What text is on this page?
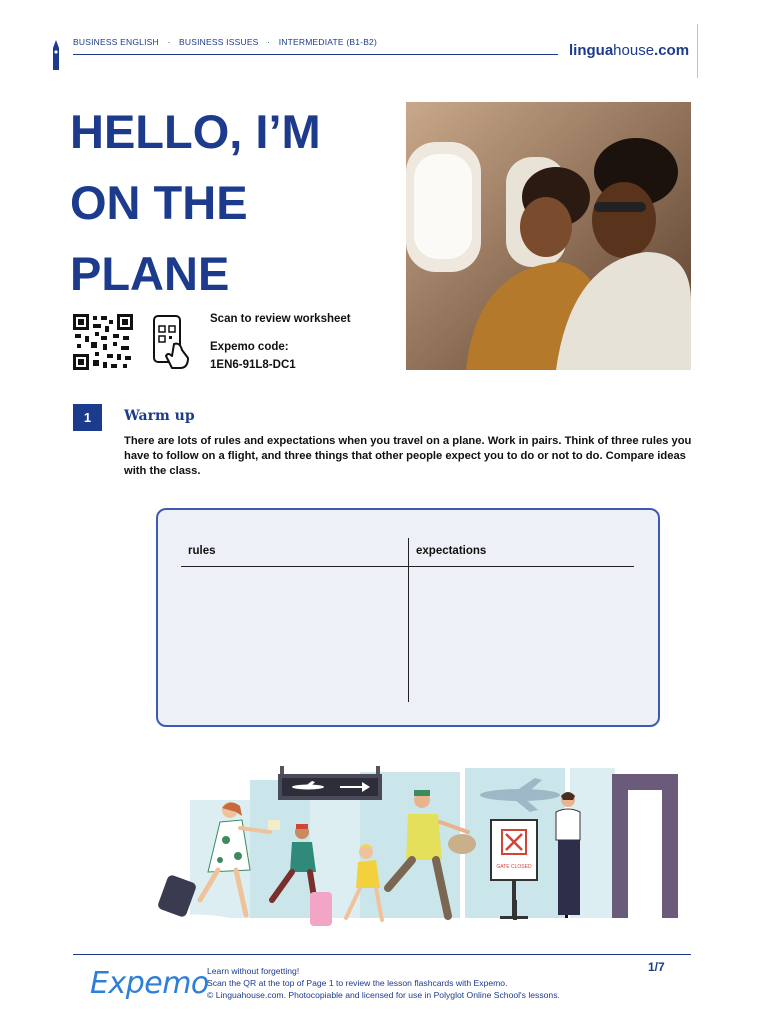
BUSINESS ENGLISH · BUSINESS ISSUES · INTERMEDIATE (B1-B2)	linguahouse.com
HELLO, I’M
ON THE
PLANE
Scan to review worksheet
Expemo code:
1EN6-91L8-DC1
1	Warm up
There are lots of rules and expectations when you travel on a plane. Work in pairs. Think of three rules you have to follow on a flight, and three things that other people expect you to do or not to do. Compare ideas with the class.
rules	expectations
GATE CLOSED
Expemo
Learn without forgetting!
Scan the QR at the top of Page 1 to review the lesson flashcards with Expemo.
© Linguahouse.com. Photocopiable and licensed for use in Polyglot Online School's lessons.
1/7
